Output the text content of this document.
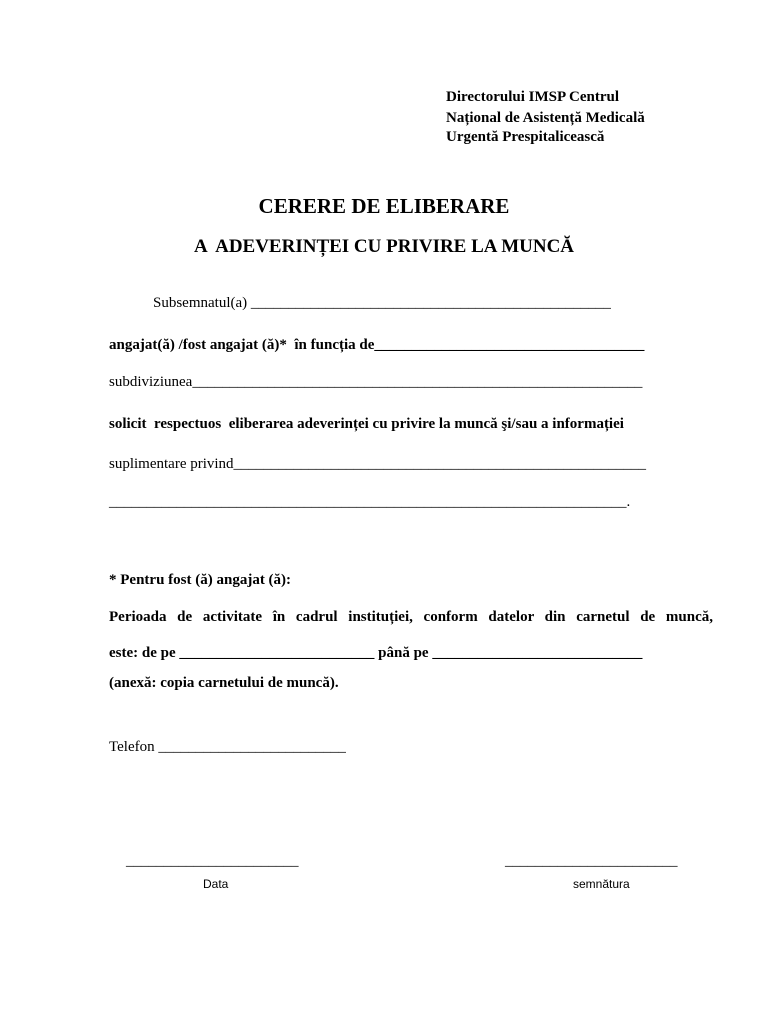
Directorului IMSP Centrul
Național de Asistență Medicală
Urgentă Prespitalicească
CERERE DE ELIBERARE
A  ADEVERINȚEI CU PRIVIRE LA MUNCĂ
Subsemnatul(a) ________________________________________________
angajat(ă) /fost angajat (ă)*  în funcția de____________________________________
subdiviziunea____________________________________________________________
solicit  respectuos  eliberarea adeverinței cu privire la muncă şi/sau a informației
suplimentare privind_______________________________________________________
_____________________________________________________________________.
* Pentru fost (ă) angajat (ă):
Perioada de activitate în cadrul instituției, conform datelor din carnetul de muncă,
este: de pe __________________________ până pe ____________________________
(anexă: copia carnetului de muncă).
Telefon _________________________
_______________________
Data
_______________________
semnătura
